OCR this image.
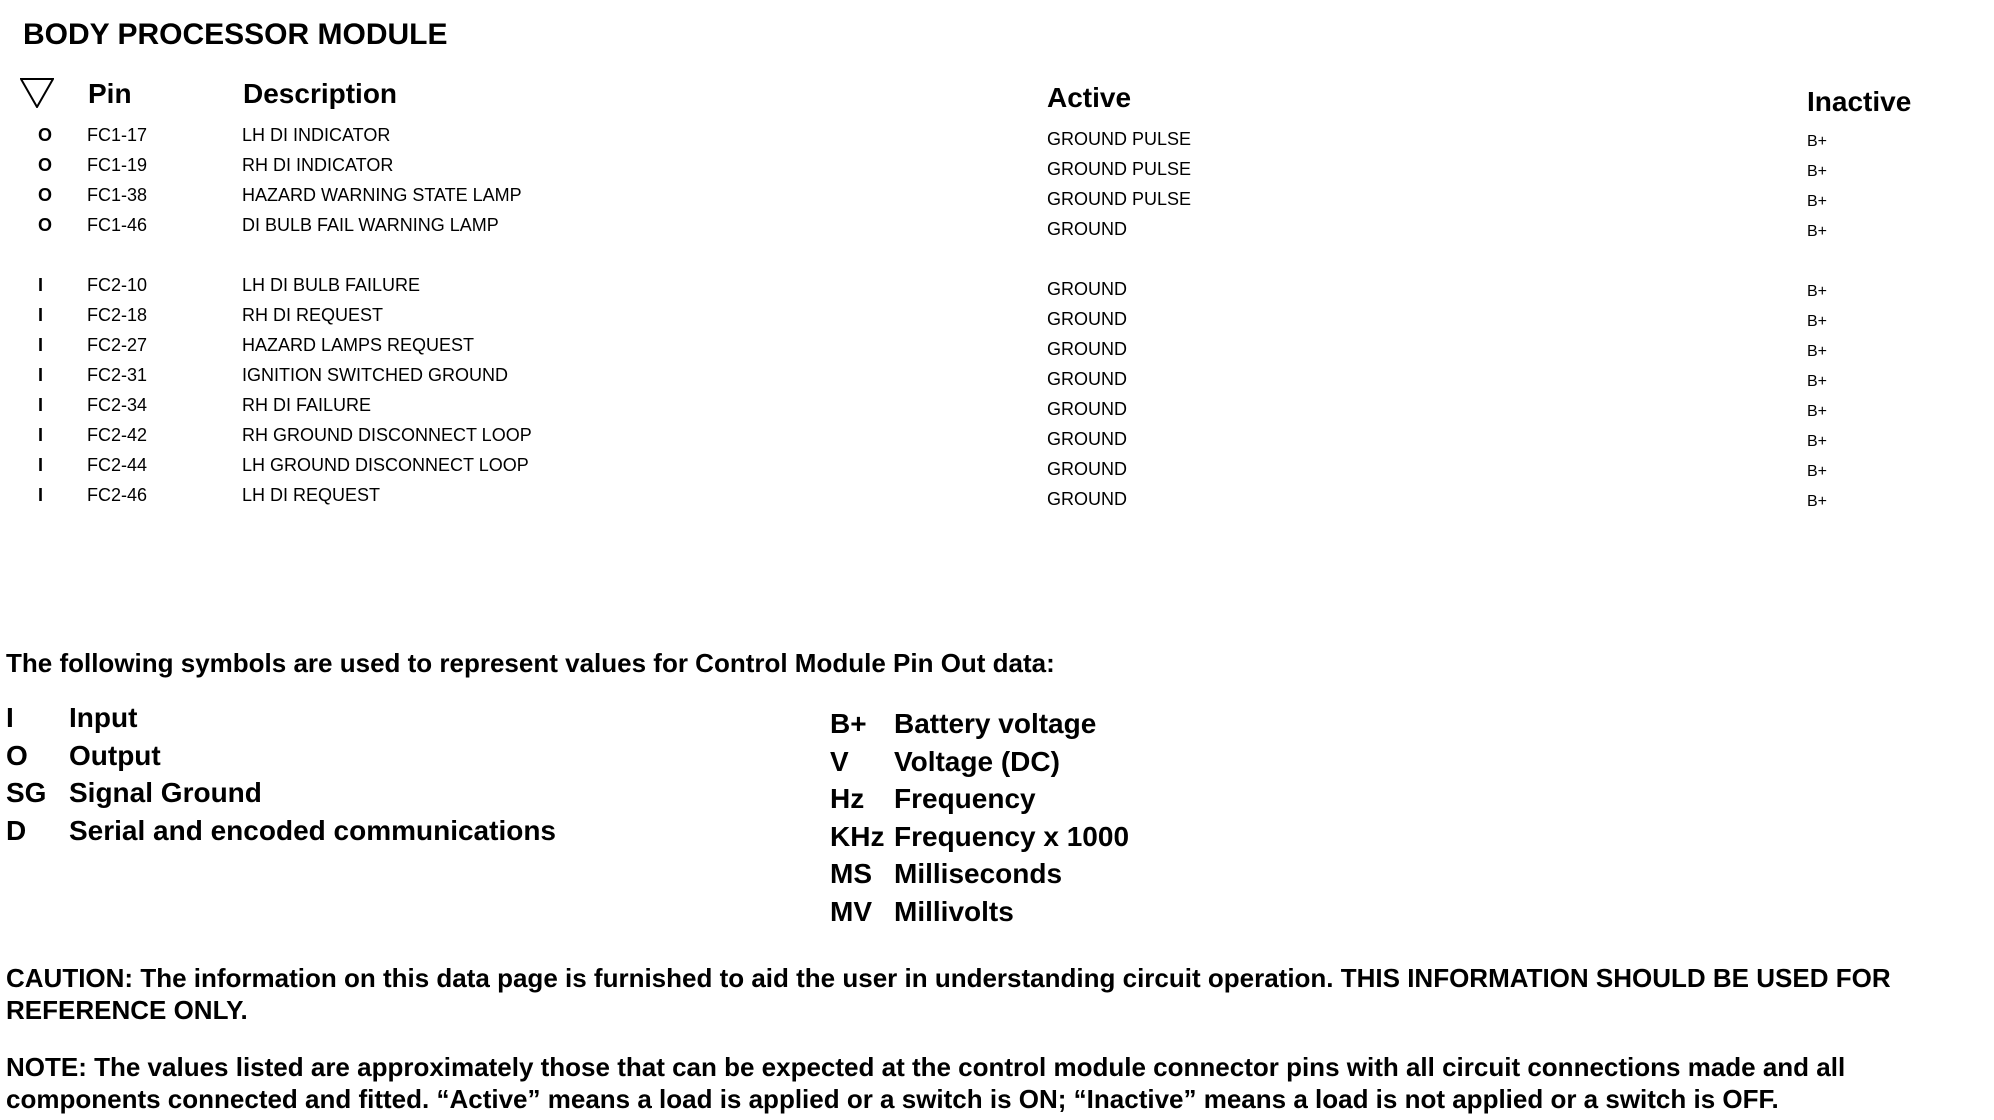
BODY PROCESSOR MODULE
Pin	Description	Active	Inactive
O FC1-17	LH DI INDICATOR	GROUND PULSE	B+
O FC1-19	RH DI INDICATOR	GROUND PULSE	B+
O FC1-38	HAZARD WARNING STATE LAMP	GROUND PULSE	B+
O FC1-46	DI BULB FAIL WARNING LAMP	GROUND	B+
I FC2-10	LH DI BULB FAILURE	GROUND	B+
I FC2-18	RH DI REQUEST	GROUND	B+
I FC2-27	HAZARD LAMPS REQUEST	GROUND	B+
I FC2-31	IGNITION SWITCHED GROUND	GROUND	B+
I FC2-34	RH DI FAILURE	GROUND	B+
I FC2-42	RH GROUND DISCONNECT LOOP	GROUND	B+
I FC2-44	LH GROUND DISCONNECT LOOP	GROUND	B+
I FC2-46	LH DI REQUEST	GROUND	B+
The following symbols are used to represent values for Control Module Pin Out data:
I Input
O Output
SG Signal Ground
D Serial and encoded communications
B+ Battery voltage
V Voltage (DC)
Hz Frequency
KHz Frequency x 1000
MS Milliseconds
MV Millivolts
CAUTION: The information on this data page is furnished to aid the user in understanding circuit operation. THIS INFORMATION SHOULD BE USED FOR REFERENCE ONLY.
NOTE: The values listed are approximately those that can be expected at the control module connector pins with all circuit connections made and all components connected and fitted. “Active” means a load is applied or a switch is ON; “Inactive” means a load is not applied or a switch is OFF.
